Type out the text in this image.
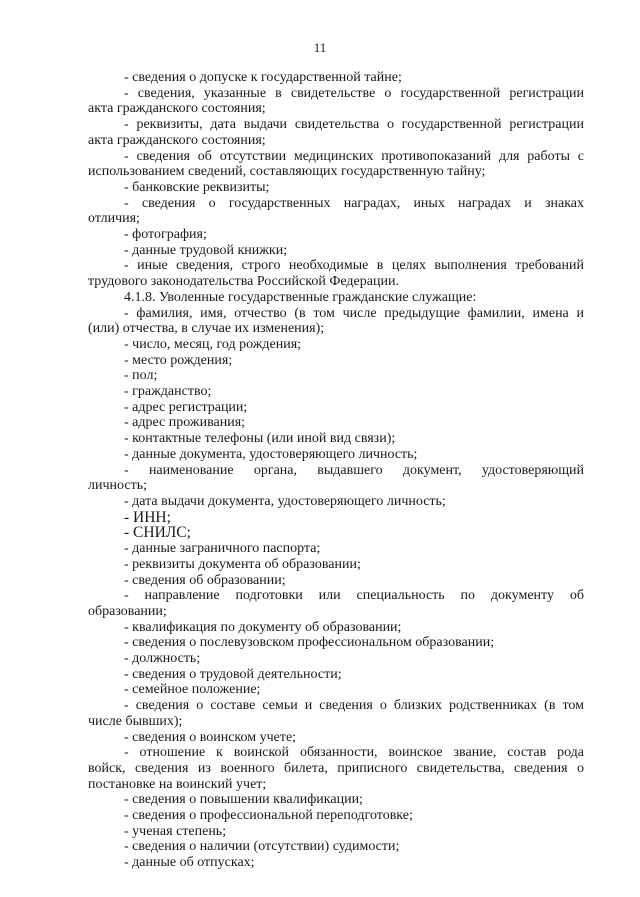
11
- сведения о допуске к государственной тайне;
- сведения, указанные в свидетельстве о государственной регистрации
акта гражданского состояния;
- реквизиты, дата выдачи свидетельства о государственной регистрации
акта гражданского состояния;
- сведения об отсутствии медицинских противопоказаний для работы с
использованием сведений, составляющих государственную тайну;
- банковские реквизиты;
- сведения о государственных наградах, иных наградах и знаках
отличия;
- фотография;
- данные трудовой книжки;
- иные сведения, строго необходимые в целях выполнения требований
трудового законодательства Российской Федерации.
4.1.8. Уволенные государственные гражданские служащие:
- фамилия, имя, отчество (в том числе предыдущие фамилии, имена и
(или) отчества, в случае их изменения);
- число, месяц, год рождения;
- место рождения;
- пол;
- гражданство;
- адрес регистрации;
- адрес проживания;
- контактные телефоны (или иной вид связи);
- данные документа, удостоверяющего личность;
- наименование органа, выдавшего документ, удостоверяющий
личность;
- дата выдачи документа, удостоверяющего личность;
- ИНН;
- СНИЛС;
- данные заграничного паспорта;
- реквизиты документа об образовании;
- сведения об образовании;
- направление подготовки или специальность по документу об
образовании;
- квалификация по документу об образовании;
- сведения о послевузовском профессиональном образовании;
- должность;
- сведения о трудовой деятельности;
- семейное положение;
- сведения о составе семьи и сведения о близких родственниках (в том
числе бывших);
- сведения о воинском учете;
- отношение к воинской обязанности, воинское звание, состав рода
войск, сведения из военного билета, приписного свидетельства, сведения о
постановке на воинский учет;
- сведения о повышении квалификации;
- сведения о профессиональной переподготовке;
- ученая степень;
- сведения о наличии (отсутствии) судимости;
- данные об отпусках;
